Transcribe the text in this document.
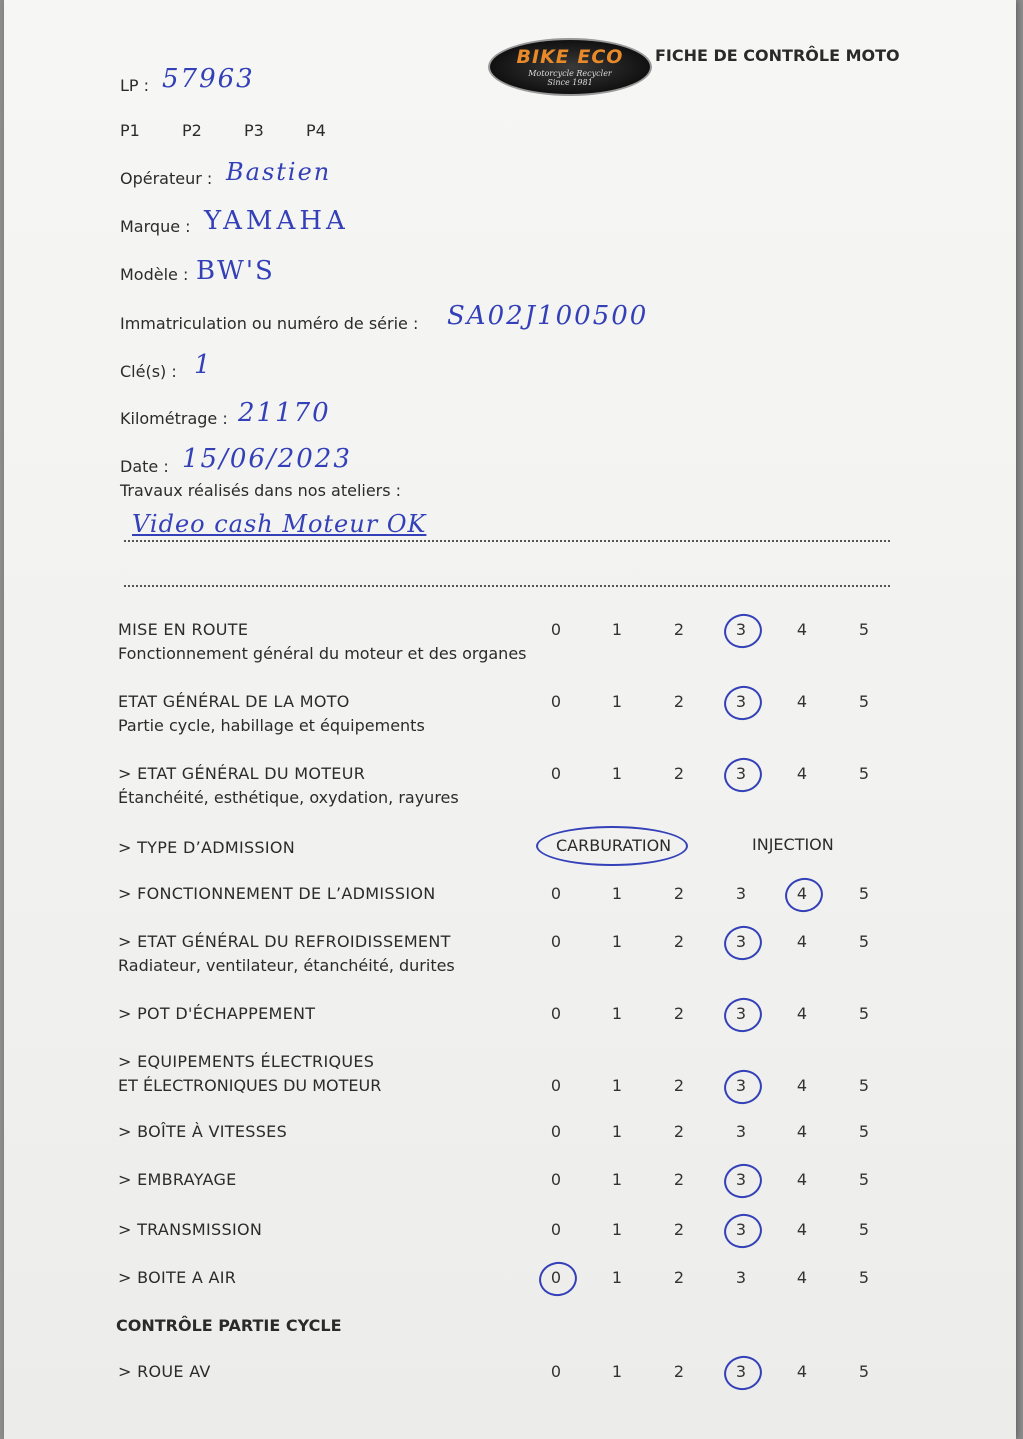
BIKE ECO
Motorcycle Recycler
Since 1981
FICHE DE CONTRÔLE MOTO
LP : 57963
P1	P2	P3	P4
Opérateur : Bastien
Marque : YAMAHA
Modèle : BW'S
Immatriculation ou numéro de série : SA02J100500
Clé(s) : 1
Kilométrage : 21170
Date : 15/06/2023
Travaux réalisés dans nos ateliers :
Video cash Moteur OK
> TYPE D’ADMISSION	CARBURATION	INJECTION
CONTRÔLE PARTIE CYCLE
MISE EN ROUTE
Fonctionnement général du moteur et des organes
0	1	2	3	4	5
ETAT GÉNÉRAL DE LA MOTO
Partie cycle, habillage et équipements
0	1	2	3	4	5
> ETAT GÉNÉRAL DU MOTEUR
Étanchéité, esthétique, oxydation, rayures
0	1	2	3	4	5
> FONCTIONNEMENT DE L’ADMISSION	0	1	2	3	4	5
> ETAT GÉNÉRAL DU REFROIDISSEMENT
Radiateur, ventilateur, étanchéité, durites
0	1	2	3	4	5
> POT D'ÉCHAPPEMENT	0	1	2	3	4	5
> EQUIPEMENTS ÉLECTRIQUES
ET ÉLECTRONIQUES DU MOTEUR	0	1	2	3	4	5
> BOÎTE À VITESSES	0	1	2	3	4	5
> EMBRAYAGE	0	1	2	3	4	5
> TRANSMISSION	0	1	2	3	4	5
> BOITE A AIR	0	1	2	3	4	5
> ROUE AV	0	1	2	3	4	5
